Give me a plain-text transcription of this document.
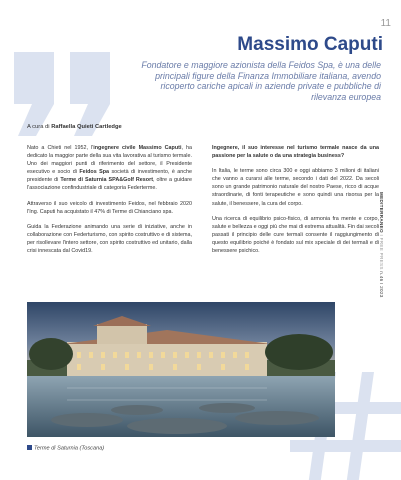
11
Massimo Caputi

Fondatore e maggiore azionista della Feidos Spa, è una delle principali figure della Finanza Immobiliare italiana, avendo ricoperto cariche apicali in aziende private e pubbliche di rilevanza europea

A cura di Raffaella Quieti Cartledge

Nato a Chieti nel 1952, l'ingegnere civile Massimo Caputi, ha dedicato la maggior parte della sua vita lavorativa al turismo termale. Uno dei maggiori punti di riferimento del settore, il Presidente esecutivo e socio di Feidos Spa società di investimento, è anche presidente di Terme di Saturnia SPA&Golf Resort, oltre a guidare l'associazione confindustriale di categoria Federterme.

Attraverso il suo veicolo di investimento Feidos, nel febbraio 2020 l'Ing. Caputi ha acquistato il 47% di Terme di Chianciano spa.

Guida la Federazione animando una serie di iniziative, anche in collaborazione con Federturismo, con spirito costruttivo e di sistema, per risollevare l'intero settore, con spirito costruttivo ed unitario, dalla crisi innescata dal Covid19.

Ingegnere, il suo interesse nel turismo termale nasce da una passione per la salute o da una strategia business?

In Italia, le terme sono circa 300 e oggi abbiamo 3 milioni di italiani che vanno a curarsi alle terme, secondo i dati del 2022. Da secoli sono un grande patrimonio naturale del nostro Paese, ricco di acque straordinarie, di fonti terapeutiche e sono quindi una risorsa per la salute, il benessere, la cura del corpo.

Una ricerca di equilibrio psico-fisico, di armonia fra mente e corpo, salute e bellezza e oggi più che mai di estrema attualità. Fin dai secoli passati il principio delle cure termali consente il raggiungimento di questo equilibrio poiché è fondato sul mix speciale di dei termali e di benessere psichico.

MEDITERRANEO I FREE PRESS n.46 I 2023
Terme di Saturnia (Toscana)
